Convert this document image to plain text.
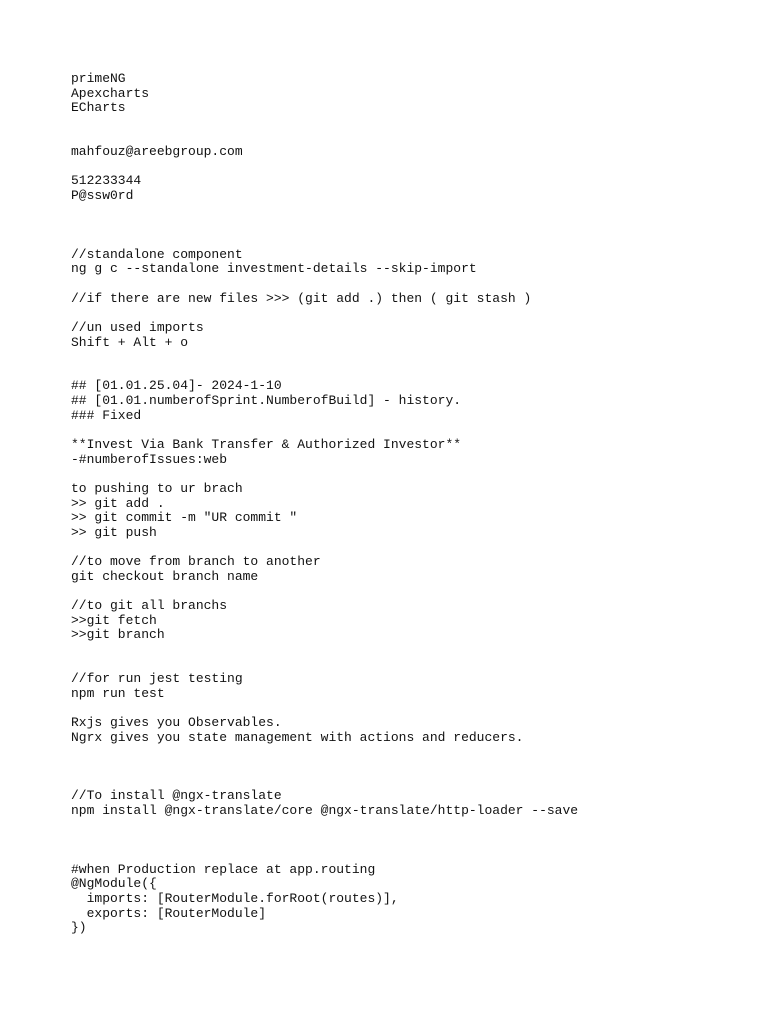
primeNG
Apexcharts
ECharts
mahfouz@areebgroup.com
512233344
P@ssw0rd
//standalone component
ng g c --standalone investment-details --skip-import
//if there are new files >>> (git add .) then ( git stash )
//un used imports
Shift + Alt + o
## [01.01.25.04]- 2024-1-10
## [01.01.numberofSprint.NumberofBuild] - history.
### Fixed
**Invest Via Bank Transfer & Authorized Investor**
-#numberofIssues:web
to pushing to ur brach
>> git add .
>> git commit -m "UR commit "
>> git push
//to move from branch to another
git checkout branch name
//to git all branchs
>>git fetch
>>git branch
//for run jest testing
npm run test
Rxjs gives you Observables.
Ngrx gives you state management with actions and reducers.
//To install @ngx-translate
npm install @ngx-translate/core @ngx-translate/http-loader --save
#when Production replace at app.routing
@NgModule({
imports: [RouterModule.forRoot(routes)],
exports: [RouterModule]
})
